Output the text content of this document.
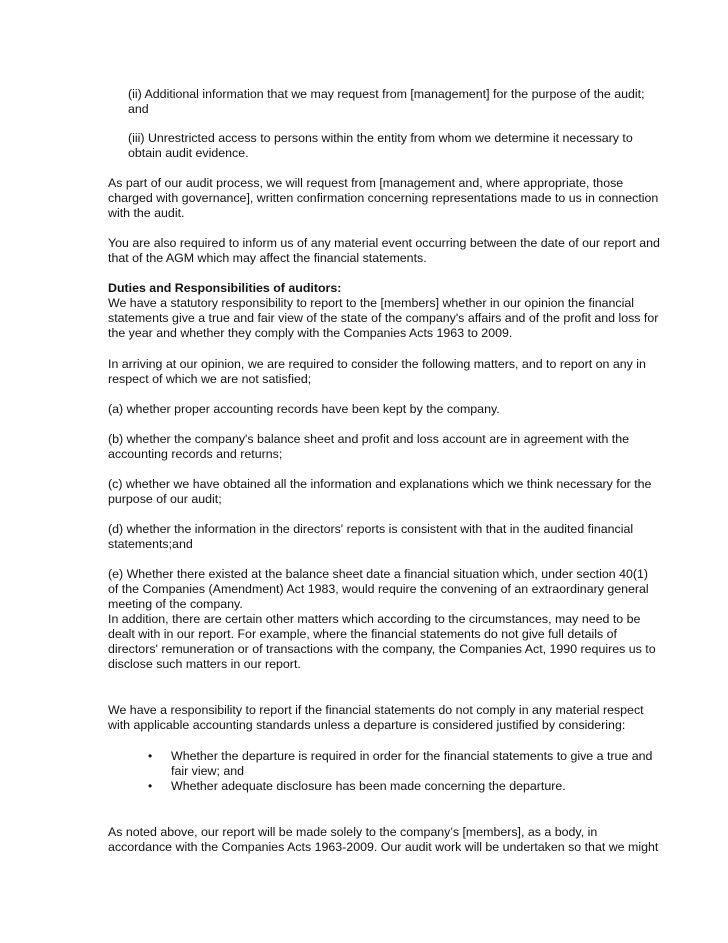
(ii) Additional information that we may request from [management] for the purpose of the audit;
and
(iii) Unrestricted access to persons within the entity from whom we determine it necessary to
obtain audit evidence.
As part of our audit process, we will request from [management and, where appropriate, those
charged with governance], written confirmation concerning representations made to us in connection
with the audit.
You are also required to inform us of any material event occurring between the date of our report and
that of the AGM which may affect the financial statements.
Duties and Responsibilities of auditors:
We have a statutory responsibility to report to the [members] whether in our opinion the financial
statements give a true and fair view of the state of the company's affairs and of the profit and loss for
the year and whether they comply with the Companies Acts 1963 to 2009.
In arriving at our opinion, we are required to consider the following matters, and to report on any in
respect of which we are not satisfied;
(a) whether proper accounting records have been kept by the company.
(b) whether the company's balance sheet and profit and loss account are in agreement with the
accounting records and returns;
(c) whether we have obtained all the information and explanations which we think necessary for the
purpose of our audit;
(d) whether the information in the directors' reports is consistent with that in the audited financial
statements;and
(e) Whether there existed at the balance sheet date a financial situation which, under section 40(1)
of the Companies (Amendment) Act 1983, would require the convening of an extraordinary general
meeting of the company.
In addition, there are certain other matters which according to the circumstances, may need to be
dealt with in our report. For example, where the financial statements do not give full details of
directors' remuneration or of transactions with the company, the Companies Act, 1990 requires us to
disclose such matters in our report.
We have a responsibility to report if the financial statements do not comply in any material respect
with applicable accounting standards unless a departure is considered justified by considering:
• Whether the departure is required in order for the financial statements to give a true and
fair view; and
• Whether adequate disclosure has been made concerning the departure.
As noted above, our report will be made solely to the company’s [members], as a body, in
accordance with the Companies Acts 1963-2009. Our audit work will be undertaken so that we might
